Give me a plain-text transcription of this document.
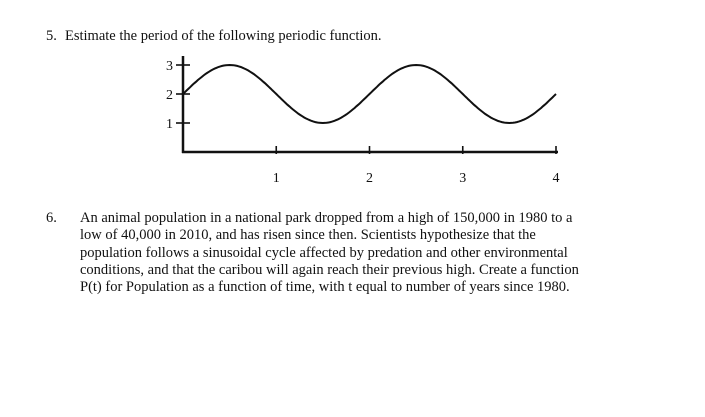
5. Estimate the period of the following periodic function.
3
2
1
1	2	3	4
6. An animal population in a national park dropped from a high of 150,000 in 1980 to a
low of 40,000 in 2010, and has risen since then. Scientists hypothesize that the
population follows a sinusoidal cycle affected by predation and other environmental
conditions, and that the caribou will again reach their previous high. Create a function
P(t) for Population as a function of time, with t equal to number of years since 1980.
